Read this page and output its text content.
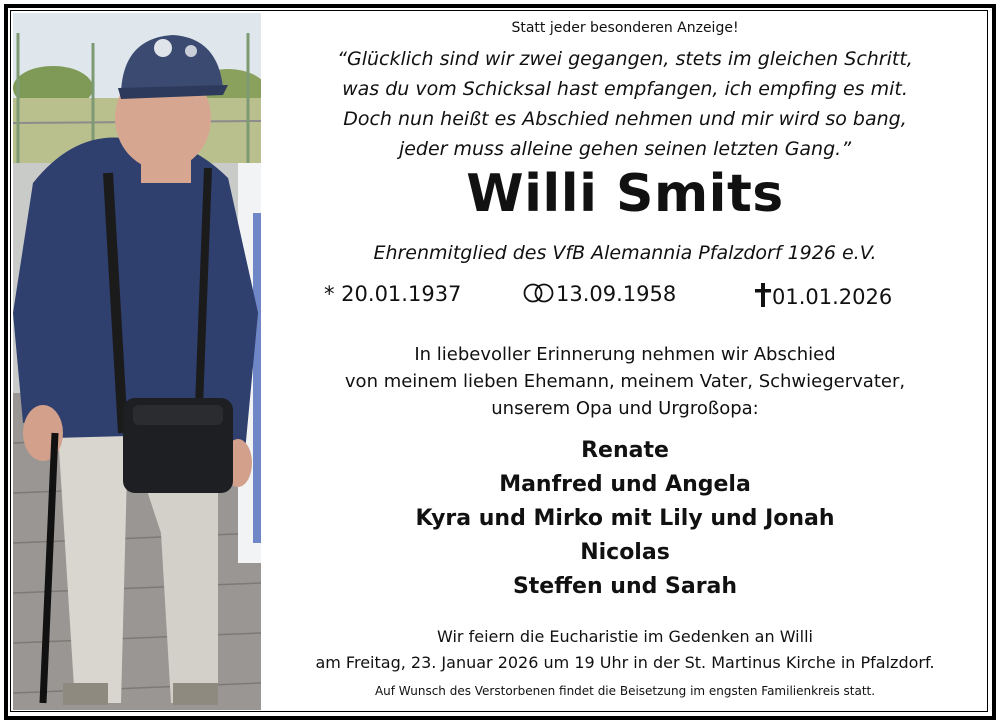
Statt jeder besonderen Anzeige!
“Glücklich sind wir zwei gegangen, stets im gleichen Schritt,
was du vom Schicksal hast empfangen, ich empfing es mit.
Doch nun heißt es Abschied nehmen und mir wird so bang,
jeder muss alleine gehen seinen letzten Gang.”
Willi Smits
Ehrenmitglied des VfB Alemannia Pfalzdorf 1926 e.V.
* 20.01.1937	13.09.1958	01.01.2026
In liebevoller Erinnerung nehmen wir Abschied
von meinem lieben Ehemann, meinem Vater, Schwiegervater,
unserem Opa und Urgroßopa:
Renate
Manfred und Angela
Kyra und Mirko mit Lily und Jonah
Nicolas
Steffen und Sarah
Wir feiern die Eucharistie im Gedenken an Willi
am Freitag, 23. Januar 2026 um 19 Uhr in der St. Martinus Kirche in Pfalzdorf.
Auf Wunsch des Verstorbenen findet die Beisetzung im engsten Familienkreis statt.
